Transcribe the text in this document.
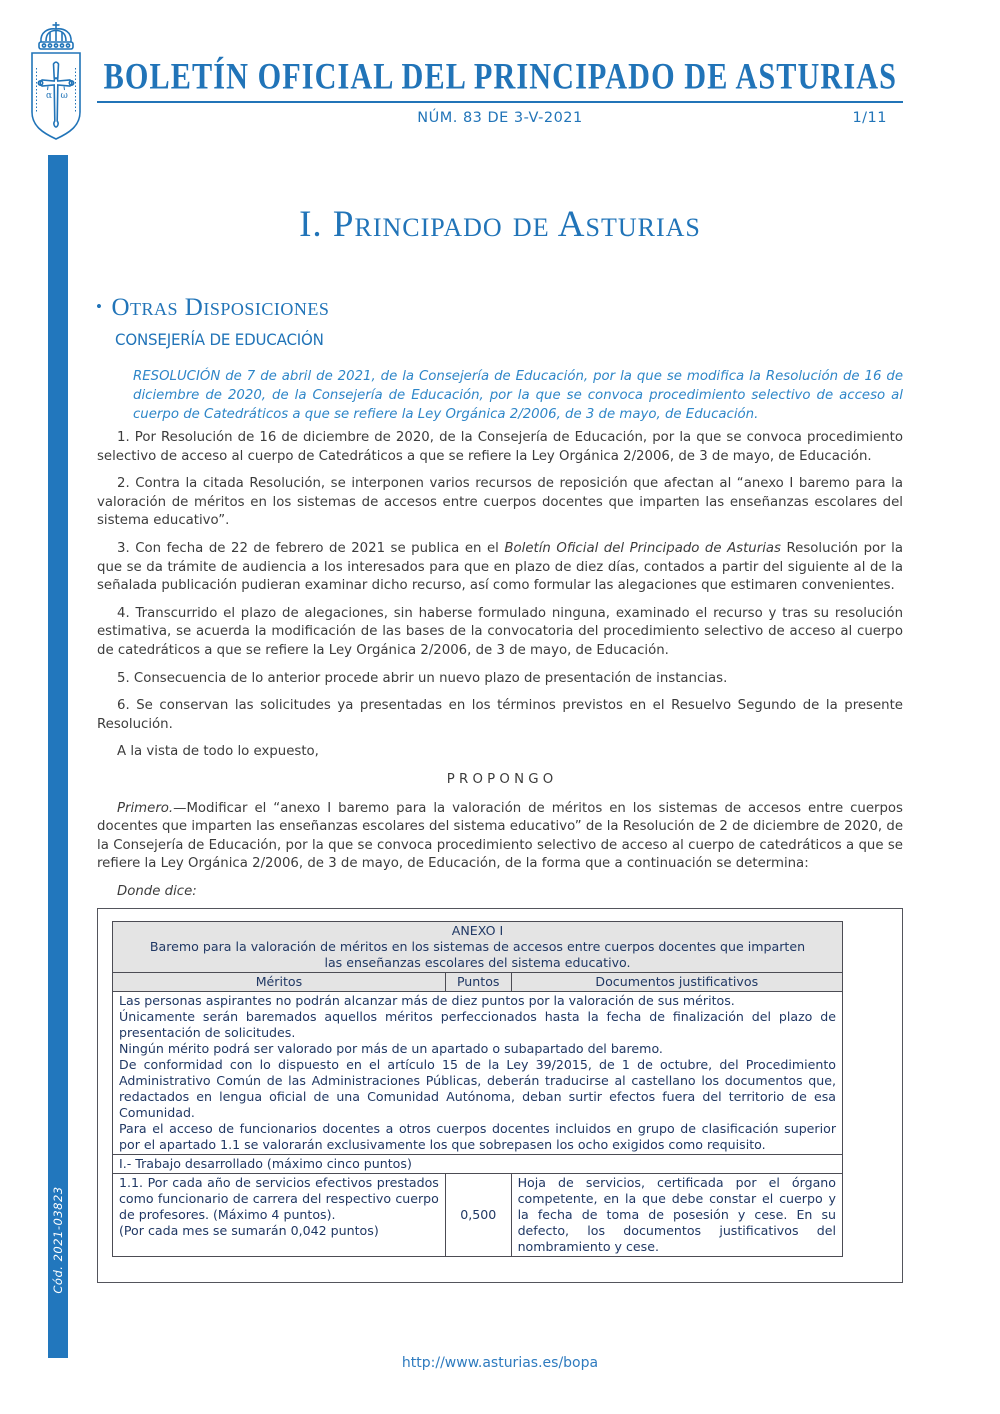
α ω
Cód. 2021-03823
BOLETÍN OFICIAL DEL PRINCIPADO DE ASTURIAS
NÚM. 83 DE 3-V-2021	1/11
I. Principado de Asturias
• Otras Disposiciones
CONSEJERÍA DE EDUCACIÓN
RESOLUCIÓN de 7 de abril de 2021, de la Consejería de Educación, por la que se modifica la Resolución de 16 de diciembre de 2020, de la Consejería de Educación, por la que se convoca procedimiento selectivo de acceso al cuerpo de Catedráticos a que se refiere la Ley Orgánica 2/2006, de 3 de mayo, de Educación.

1. Por Resolución de 16 de diciembre de 2020, de la Consejería de Educación, por la que se convoca procedimiento selectivo de acceso al cuerpo de Catedráticos a que se refiere la Ley Orgánica 2/2006, de 3 de mayo, de Educación.

2. Contra la citada Resolución, se interponen varios recursos de reposición que afectan al “anexo I baremo para la valoración de méritos en los sistemas de accesos entre cuerpos docentes que imparten las enseñanzas escolares del sistema educativo”.

3. Con fecha de 22 de febrero de 2021 se publica en el Boletín Oficial del Principado de Asturias Resolución por la que se da trámite de audiencia a los interesados para que en plazo de diez días, contados a partir del siguiente al de la señalada publicación pudieran examinar dicho recurso, así como formular las alegaciones que estimaren convenientes.

4. Transcurrido el plazo de alegaciones, sin haberse formulado ninguna, examinado el recurso y tras su resolución estimativa, se acuerda la modificación de las bases de la convocatoria del procedimiento selectivo de acceso al cuerpo de catedráticos a que se refiere la Ley Orgánica 2/2006, de 3 de mayo, de Educación.

5. Consecuencia de lo anterior procede abrir un nuevo plazo de presentación de instancias.

6. Se conservan las solicitudes ya presentadas en los términos previstos en el Resuelvo Segundo de la presente Resolución.

A la vista de todo lo expuesto,

P R O P O N G O

Primero.—Modificar el “anexo I baremo para la valoración de méritos en los sistemas de accesos entre cuerpos docentes que imparten las enseñanzas escolares del sistema educativo” de la Resolución de 2 de diciembre de 2020, de la Consejería de Educación, por la que se convoca procedimiento selectivo de acceso al cuerpo de catedráticos a que se refiere la Ley Orgánica 2/2006, de 3 de mayo, de Educación, de la forma que a continuación se determina:

Donde dice:

ANEXO I
Baremo para la valoración de méritos en los sistemas de accesos entre cuerpos docentes que imparten
las enseñanzas escolares del sistema educativo.		

Méritos	Puntos	Documentos justificativos

Las personas aspirantes no podrán alcanzar más de diez puntos por la valoración de sus méritos.
Únicamente serán baremados aquellos méritos perfeccionados hasta la fecha de finalización del plazo de presentación de solicitudes.
Ningún mérito podrá ser valorado por más de un apartado o subapartado del baremo.
De conformidad con lo dispuesto en el artículo 15 de la Ley 39/2015, de 1 de octubre, del Procedimiento Administrativo Común de las Administraciones Públicas, deberán traducirse al castellano los documentos que, redactados en lengua oficial de una Comunidad Autónoma, deban surtir efectos fuera del territorio de esa Comunidad.
Para el acceso de funcionarios docentes a otros cuerpos docentes incluidos en grupo de clasificación superior por el apartado 1.1 se valorarán exclusivamente los que sobrepasen los ocho exigidos como requisito.		

I.- Trabajo desarrollado (máximo cinco puntos)		

1.1. Por cada año de servicios efectivos prestados como funcionario de carrera del respectivo cuerpo de profesores. (Máximo 4 puntos).
(Por cada mes se sumarán 0,042 puntos)	0,500	Hoja de servicios, certificada por el órgano competente, en la que debe constar el cuerpo y la fecha de toma de posesión y cese. En su defecto, los documentos justificativos del nombramiento y cese.
http://www.asturias.es/bopa
